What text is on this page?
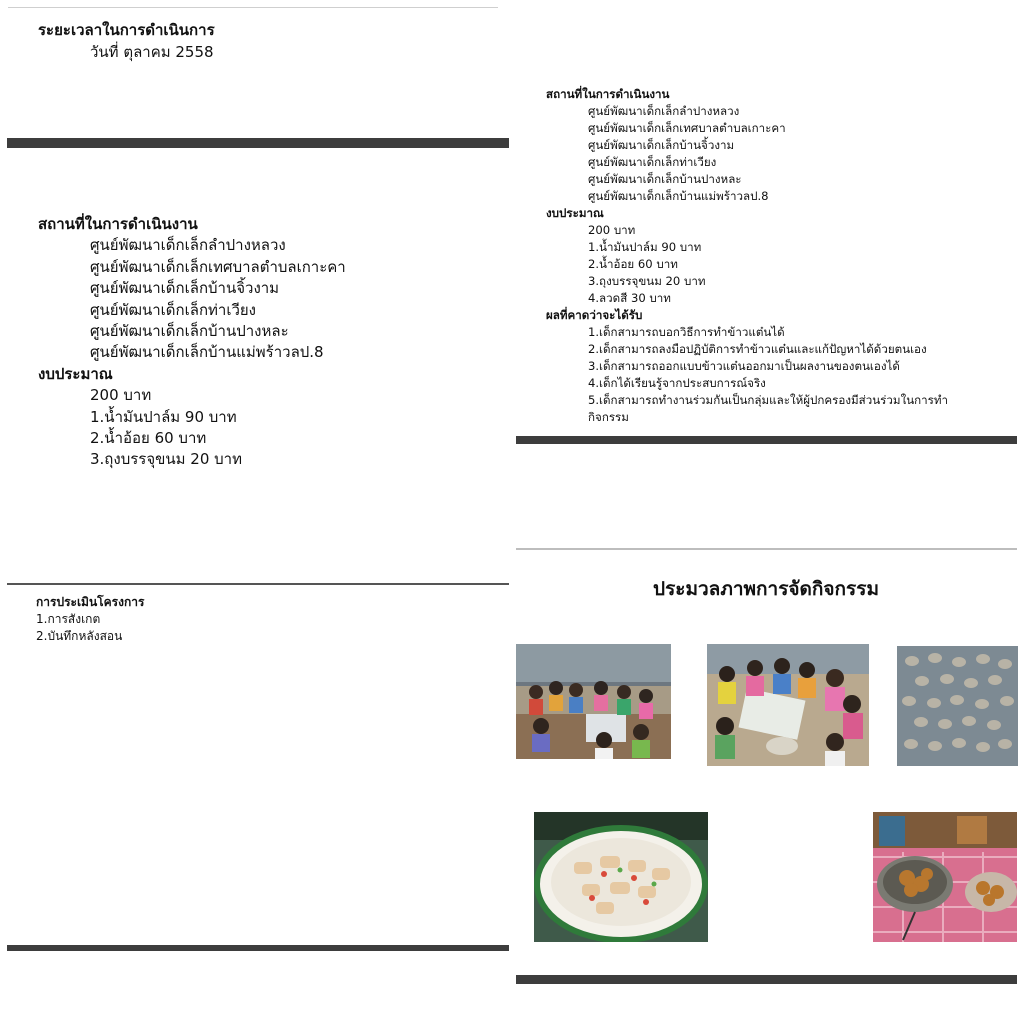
ระยะเวลาในการดำเนินการ
วันที่ ตุลาคม 2558
สถานที่ในการดำเนินงาน
ศูนย์พัฒนาเด็กเล็กลำปางหลวง
ศูนย์พัฒนาเด็กเล็กเทศบาลตำบลเกาะคา
ศูนย์พัฒนาเด็กเล็กบ้านจิ้วงาม
ศูนย์พัฒนาเด็กเล็กท่าเวียง
ศูนย์พัฒนาเด็กเล็กบ้านปางหละ
ศูนย์พัฒนาเด็กเล็กบ้านแม่พร้าวลป.8
งบประมาณ
200 บาท
1.น้ำมันปาล์ม 90 บาท
2.น้ำอ้อย 60 บาท
3.ถุงบรรจุขนม 20 บาท
การประเมินโครงการ
1.การสังเกต
2.บันทึกหลังสอน
สถานที่ในการดำเนินงาน
ศูนย์พัฒนาเด็กเล็กลำปางหลวง
ศูนย์พัฒนาเด็กเล็กเทศบาลตำบลเกาะคา
ศูนย์พัฒนาเด็กเล็กบ้านจิ้วงาม
ศูนย์พัฒนาเด็กเล็กท่าเวียง
ศูนย์พัฒนาเด็กเล็กบ้านปางหละ
ศูนย์พัฒนาเด็กเล็กบ้านแม่พร้าวลป.8
งบประมาณ
200 บาท
1.น้ำมันปาล์ม 90 บาท
2.น้ำอ้อย 60 บาท
3.ถุงบรรจุขนม 20 บาท
4.ลวดสี 30 บาท
ผลที่คาดว่าจะได้รับ
1.เด็กสามารถบอกวิธีการทำข้าวแต๋นได้
2.เด็กสามารถลงมือปฏิบัติการทำข้าวแต๋นและแก้ปัญหาได้ด้วยตนเอง
3.เด็กสามารถออกแบบข้าวแต๋นออกมาเป็นผลงานของตนเองได้
4.เด็กได้เรียนรู้จากประสบการณ์จริง
5.เด็กสามารถทำงานร่วมกันเป็นกลุ่มและให้ผู้ปกครองมีส่วนร่วมในการทำ
กิจกรรม
ประมวลภาพการจัดกิจกรรม
